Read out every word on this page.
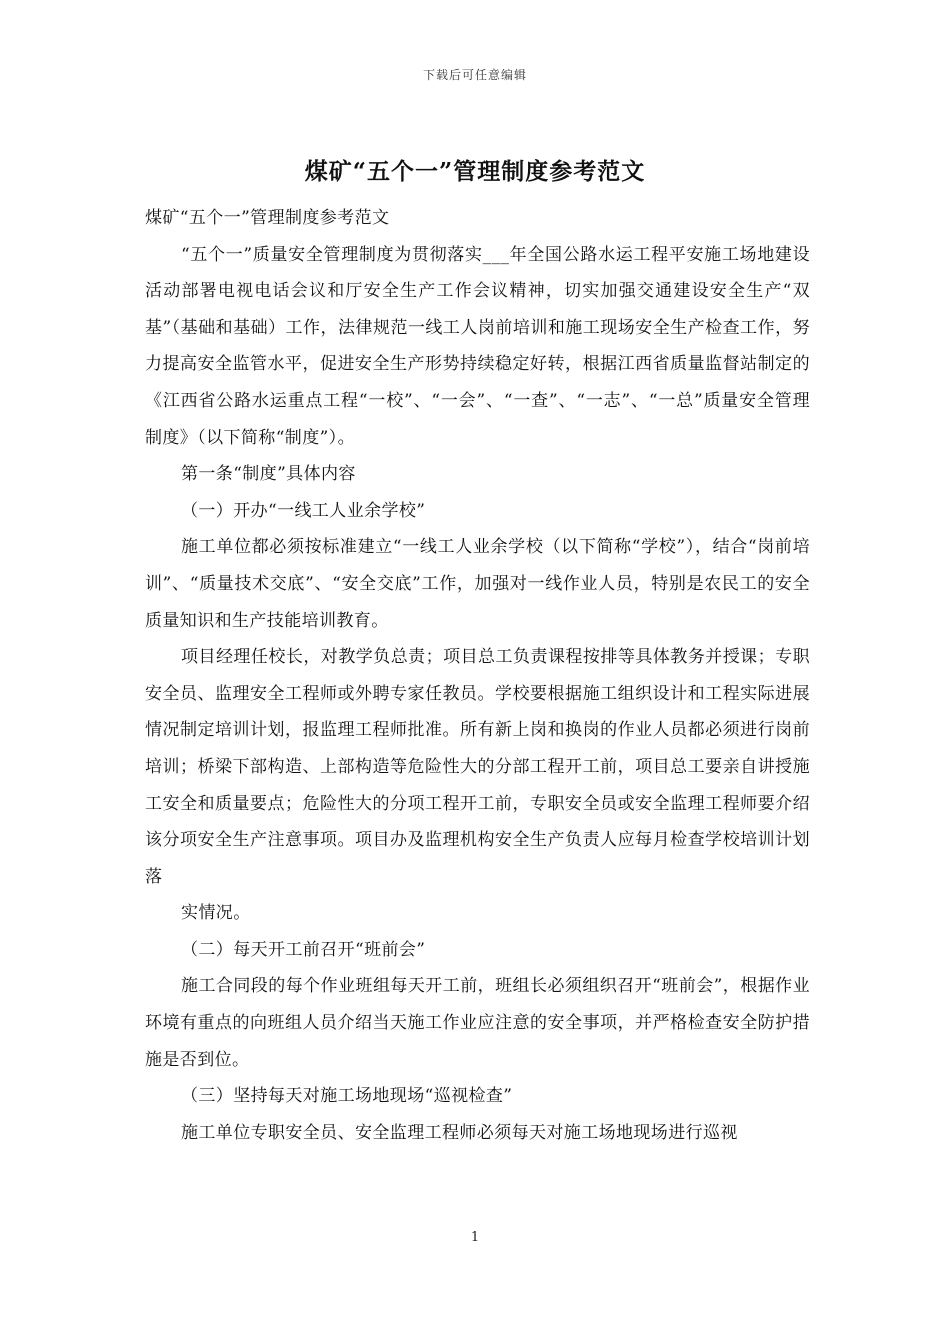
下载后可任意编辑
煤矿“五个一”管理制度参考范文

煤矿“五个一”管理制度参考范文

“五个一”质量安全管理制度为贯彻落实___年全国公路水运工程平安施工场地建设活动部署电视电话会议和厅安全生产工作会议精神，切实加强交通建设安全生产“双基”（基础和基础）工作，法律规范一线工人岗前培训和施工现场安全生产检查工作，努力提高安全监管水平，促进安全生产形势持续稳定好转，根据江西省质量监督站制定的《江西省公路水运重点工程“一校”、“一会”、“一查”、“一志”、“一总”质量安全管理制度》（以下简称“制度”）。

第一条“制度”具体内容

（一）开办“一线工人业余学校”

施工单位都必须按标准建立“一线工人业余学校（以下简称“学校”），结合“岗前培训”、“质量技术交底”、“安全交底”工作，加强对一线作业人员，特别是农民工的安全质量知识和生产技能培训教育。

项目经理任校长，对教学负总责；项目总工负责课程按排等具体教务并授课；专职安全员、监理安全工程师或外聘专家任教员。学校要根据施工组织设计和工程实际进展情况制定培训计划，报监理工程师批准。所有新上岗和换岗的作业人员都必须进行岗前培训；桥梁下部构造、上部构造等危险性大的分部工程开工前，项目总工要亲自讲授施工安全和质量要点；危险性大的分项工程开工前，专职安全员或安全监理工程师要介绍该分项安全生产注意事项。项目办及监理机构安全生产负责人应每月检查学校培训计划落

实情况。

（二）每天开工前召开“班前会”

施工合同段的每个作业班组每天开工前，班组长必须组织召开“班前会”，根据作业环境有重点的向班组人员介绍当天施工作业应注意的安全事项，并严格检查安全防护措施是否到位。

（三）坚持每天对施工场地现场“巡视检查”

施工单位专职安全员、安全监理工程师必须每天对施工场地现场进行巡视

1
